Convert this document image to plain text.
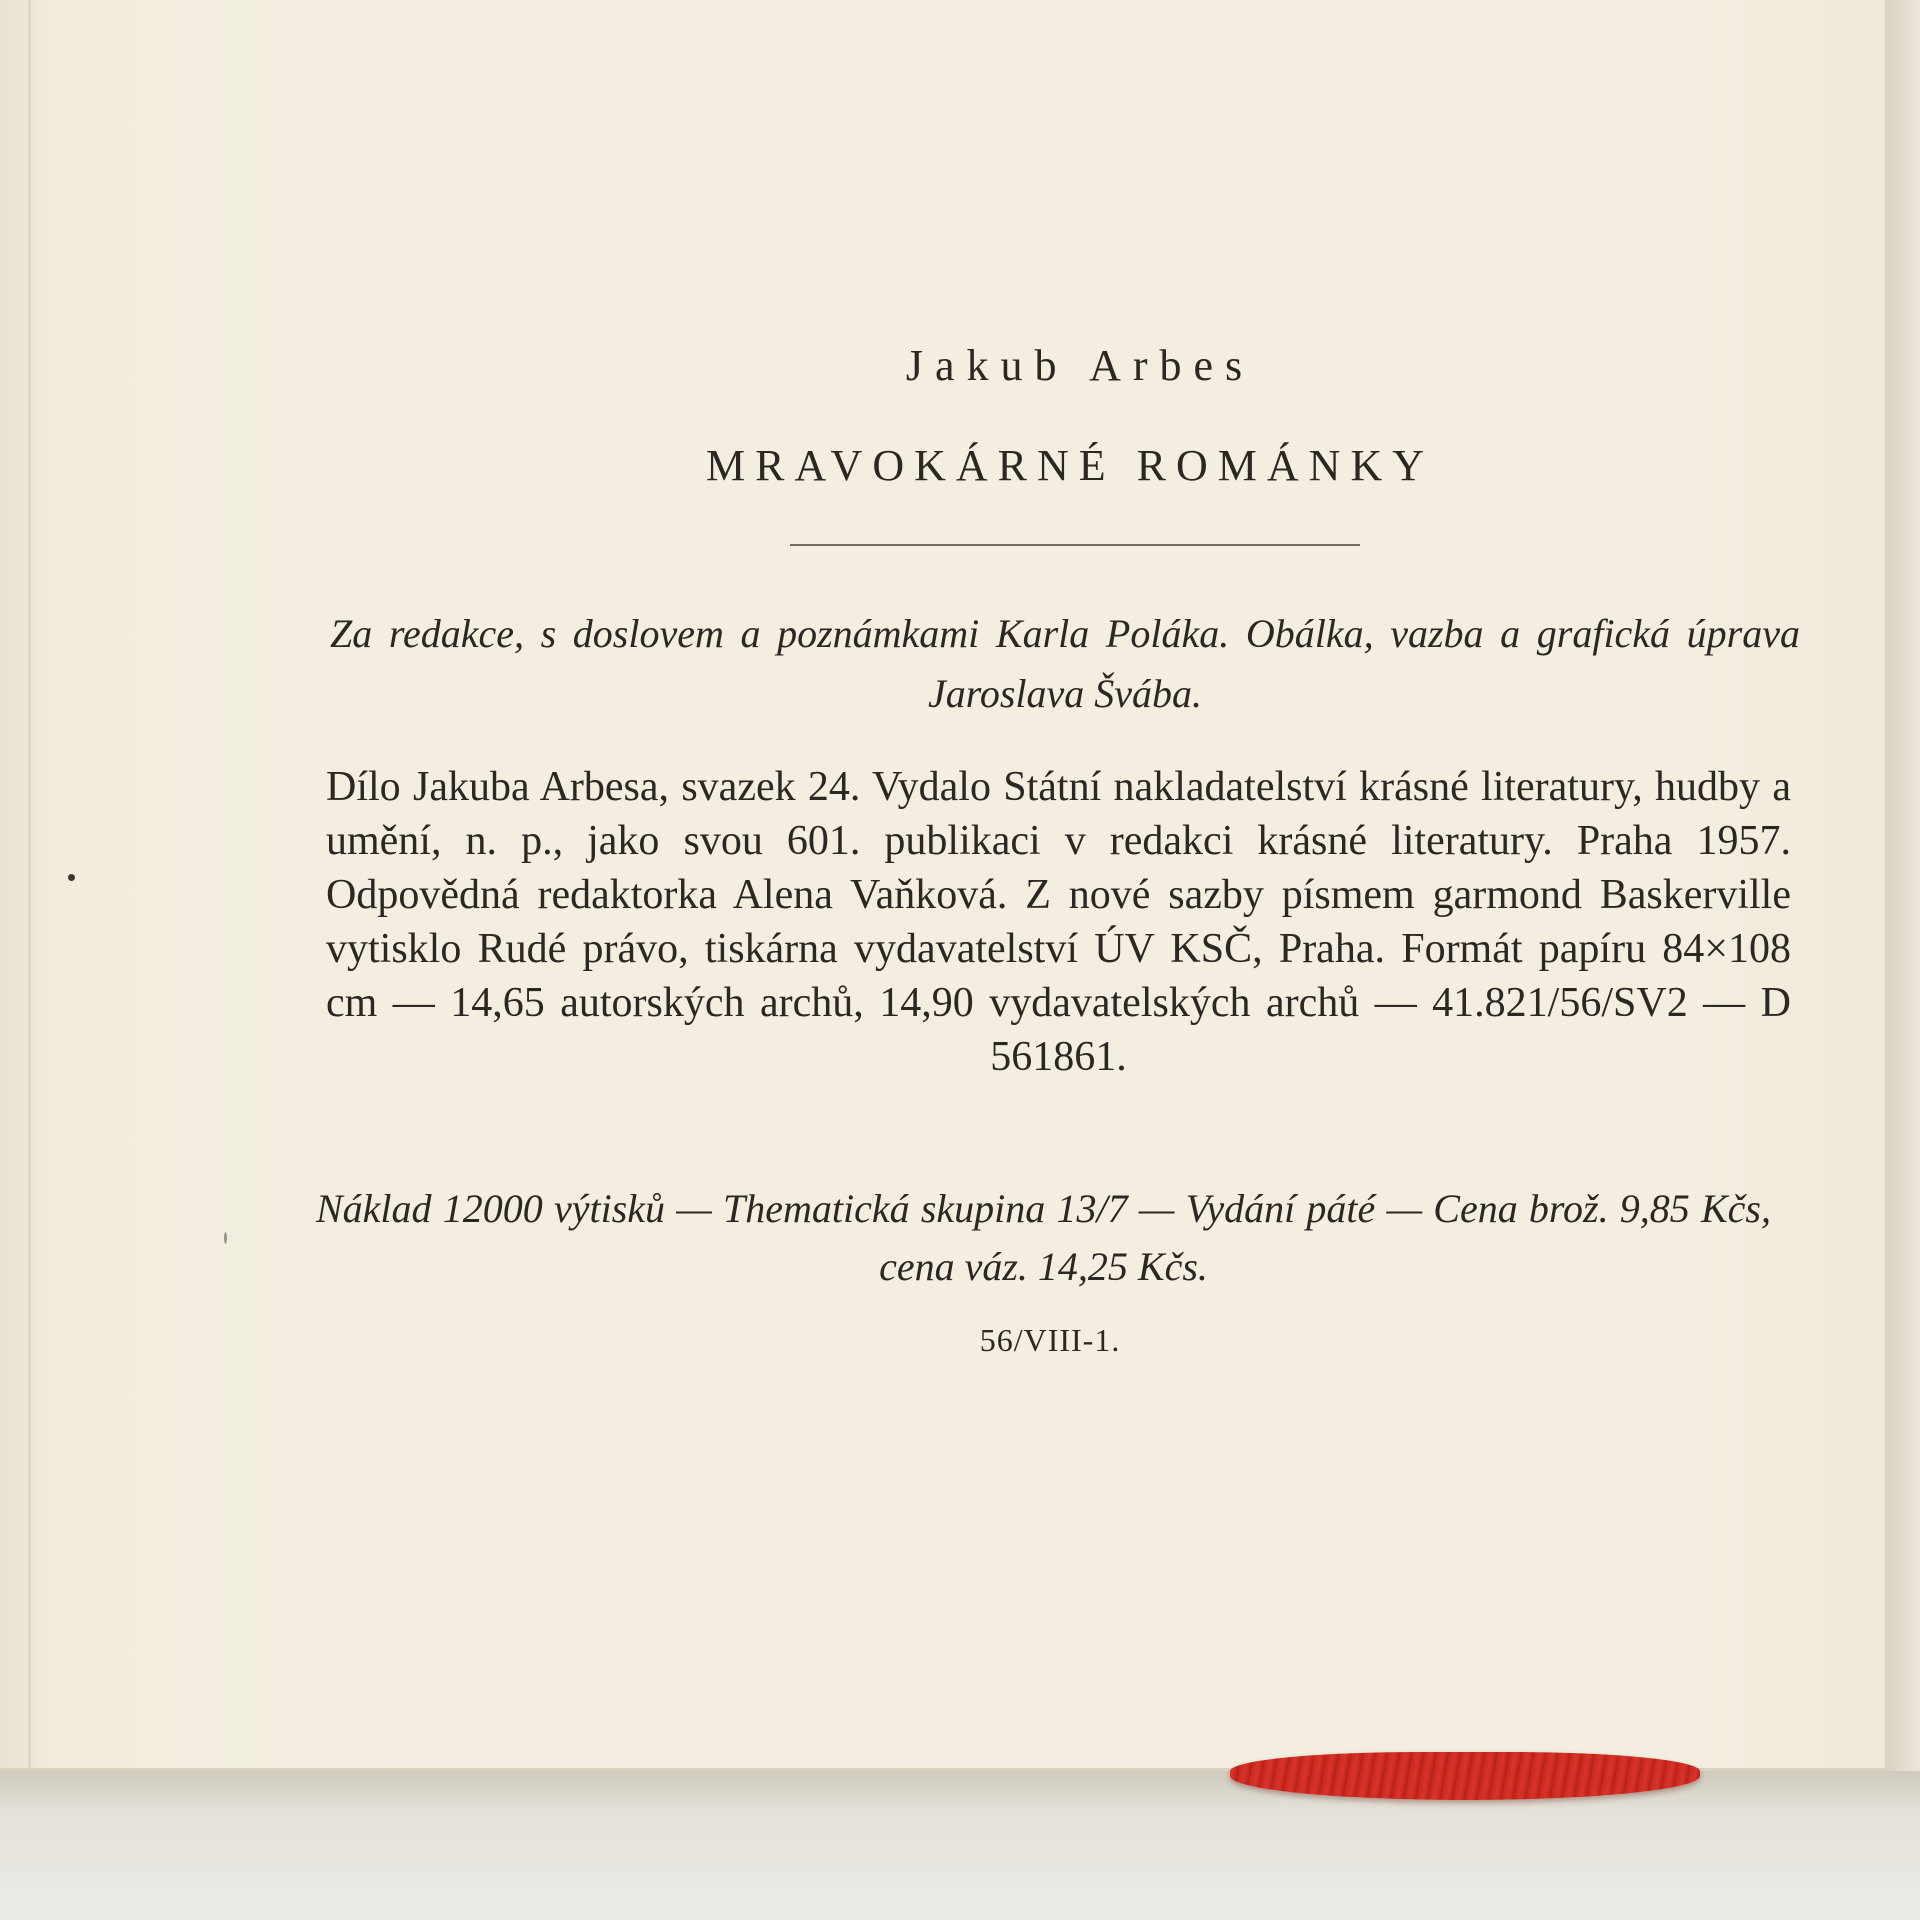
Jakub Arbes
MRAVOKÁRNÉ ROMÁNKY
Za redakce, s doslovem a poznámkami Karla Poláka. Obálka, vazba a grafická úprava Jaroslava Švába.
Dílo Jakuba Arbesa, svazek 24. Vydalo Státní nakladatelství krásné literatury, hudby a umění, n. p., jako svou 601. publikaci v redakci krásné literatury. Praha 1957. Odpovědná redaktorka Alena Vaňková. Z nové sazby písmem garmond Baskerville vytisklo Rudé právo, tiskárna vydavatelství ÚV KSČ, Praha. Formát papíru 84×108 cm — 14,65 autorských archů, 14,90 vydavatelských archů — 41.821/56/SV2 — D 561861.
Náklad 12000 výtisků — Thematická skupina 13/7 — Vydání páté — Cena brož. 9,85 Kčs, cena váz. 14,25 Kčs.
56/VIII-1.
